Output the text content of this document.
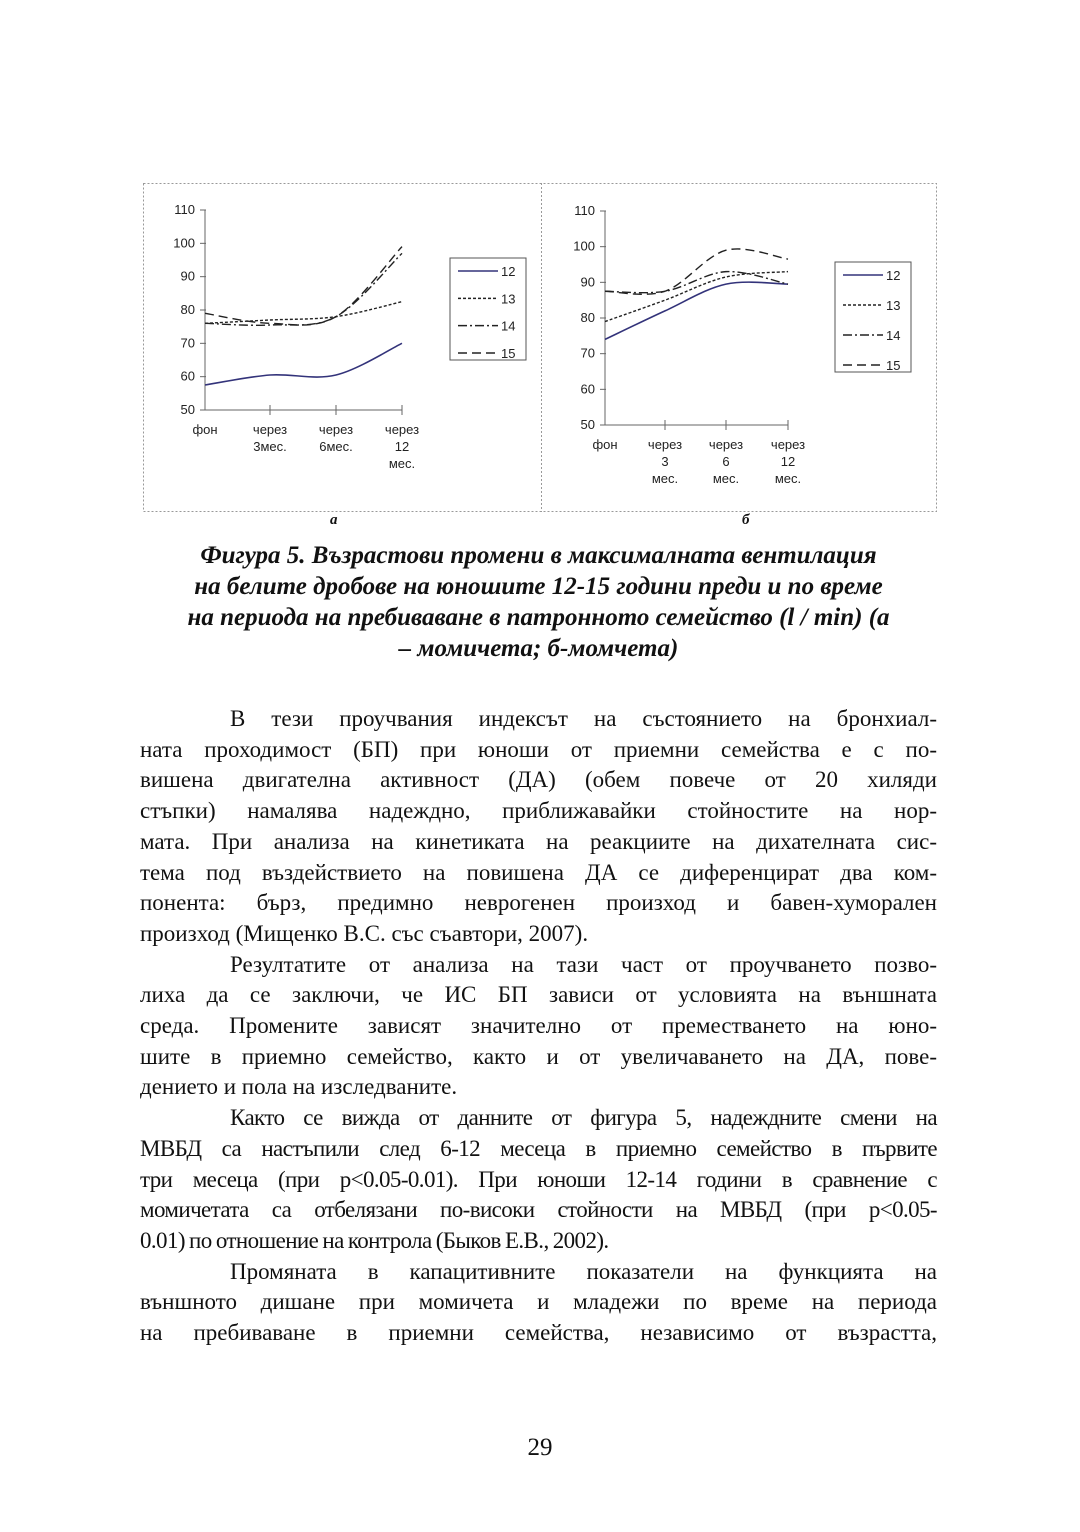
50
60
70
80
90
100
110
фон	через
3мес.
через
6мес.
через
12
мес.
12
13
14
15
50
60
70
80
90
100
110
фон через
3
мес.
через
6
мес.
через
12
мес.
12
13
14
15
а	б
Фигура 5. Възрастови промени в максималната вентилация
на белите дробове на юношите 12-15 години преди и по време
на периода на пребиваване в патронното семейство (l / min) (а
– момичета; б-момчета)
В тези проучвания индексът на състоянието на бронхиал-
ната проходимост (БП) при юноши от приемни семейства е с по-
вишена двигателна активност (ДА) (обем повече от 20 хиляди
стъпки) намалява надеждно, приближавайки стойностите на нор-
мата. При анализа на кинетиката на реакциите на дихателната сис-
тема под въздействието на повишена ДА се диференцират два ком-
понента: бърз, предимно неврогенен произход и бавен-хуморален
произход (Мищенко В.С. със съавтори, 2007).
Резултатите от анализа на тази част от проучването позво-
лиха да се заключи, че ИС БП зависи от условията на външната
среда. Промените зависят значително от преместването на юно-
шите в приемно семейство, както и от увеличаването на ДА, пове-
дението и пола на изследваните.
Както се вижда от данните от фигура 5, надеждните смени на
МВБД са настъпили след 6-12 месеца в приемно семейство в първите
три месеца (при p<0.05-0.01). При юноши 12-14 години в сравнение с
момичетата са отбелязани по-високи стойности на МВБД (при p<0.05-
0.01) по отношение на контрола (Быков Е.В., 2002).
Промяната в капацитивните показатели на функцията на
външното дишане при момичета и младежи по време на периода
на пребиваване в приемни семейства, независимо от възрастта,
29
